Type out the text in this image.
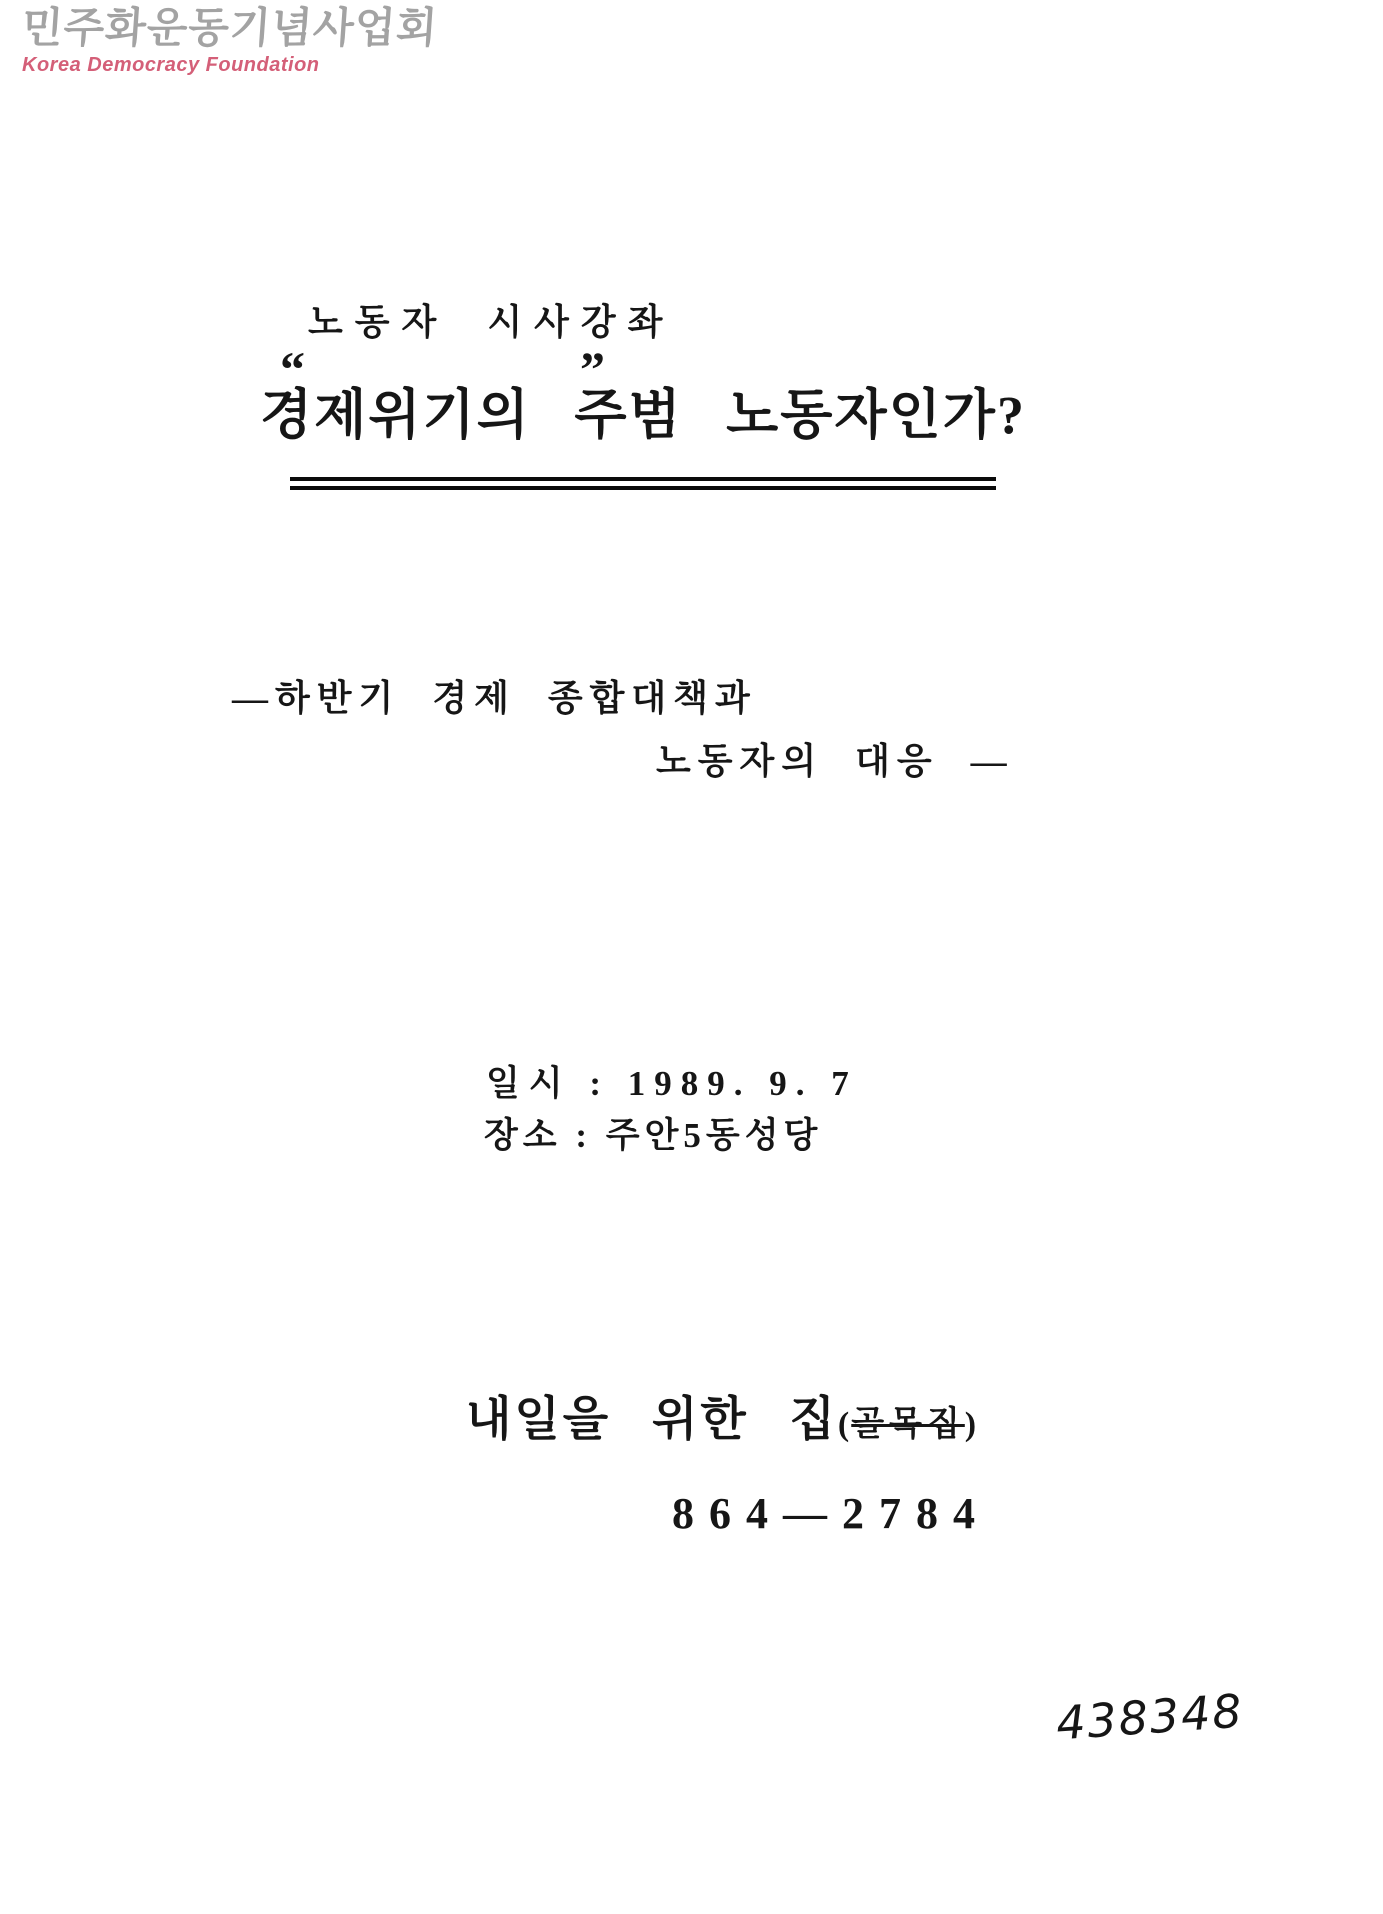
민주화운동기념사업회
Korea Democracy Foundation
노동자 시사강좌
“	”
경제위기의 주범 노동자인가?
—하반기 경제 종합대책과
노동자의 대응 —
일시 : 1989. 9. 7
장소 : 주안5동성당
내일을 위한 집(골목집)
864—2784
438348
